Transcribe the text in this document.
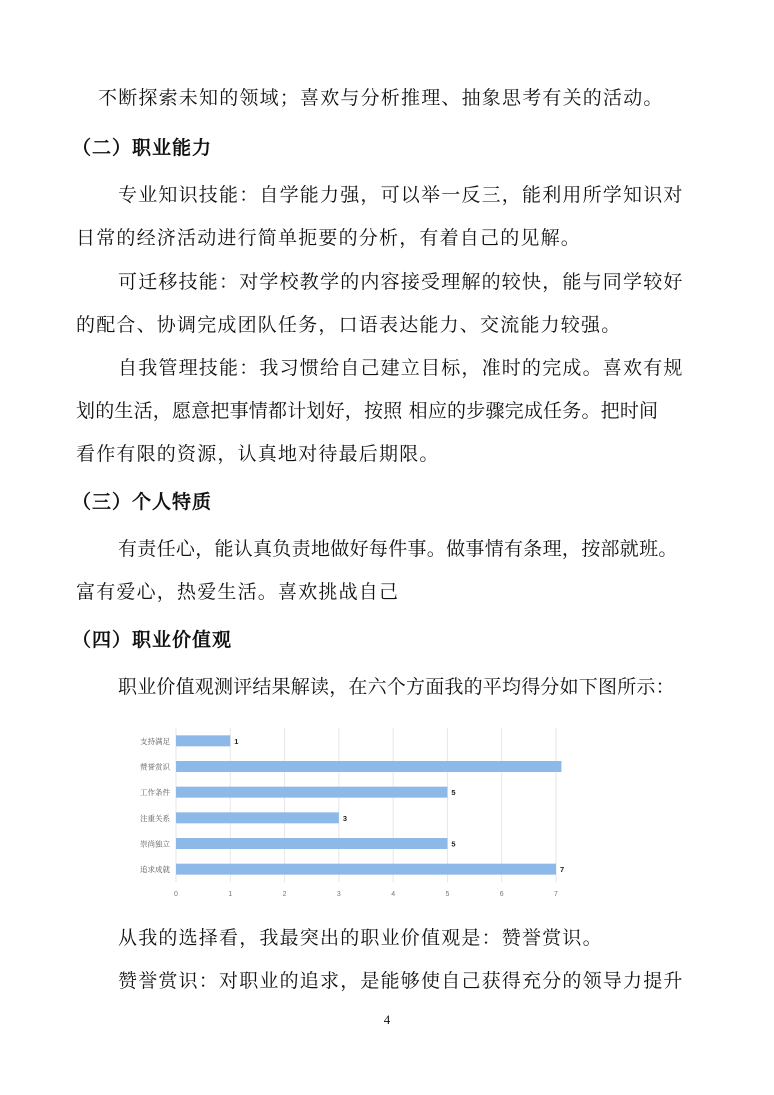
不断探索未知的领域；喜欢与分析推理、抽象思考有关的活动。
（二）职业能力
专业知识技能：自学能力强，可以举一反三，能利用所学知识对
日常的经济活动进行简单扼要的分析，有着自己的见解。
可迁移技能：对学校教学的内容接受理解的较快，能与同学较好
的配合、协调完成团队任务，口语表达能力、交流能力较强。
自我管理技能：我习惯给自己建立目标，准时的完成。喜欢有规
划的生活，愿意把事情都计划好，按照 相应的步骤完成任务。把时间
看作有限的资源，认真地对待最后期限。
（三）个人特质
有责任心，能认真负责地做好每件事。做事情有条理，按部就班。
富有爱心，热爱生活。喜欢挑战自己
（四）职业价值观
职业价值观测评结果解读，在六个方面我的平均得分如下图所示：
0	1	2	3	4	5	6	7
支持满足	1
赞誉赏识
工作条件	5
注重关系	3
崇尚独立	5
追求成就	7
从我的选择看，我最突出的职业价值观是：赞誉赏识。
赞誉赏识：对职业的追求，是能够使自己获得充分的领导力提升
4
